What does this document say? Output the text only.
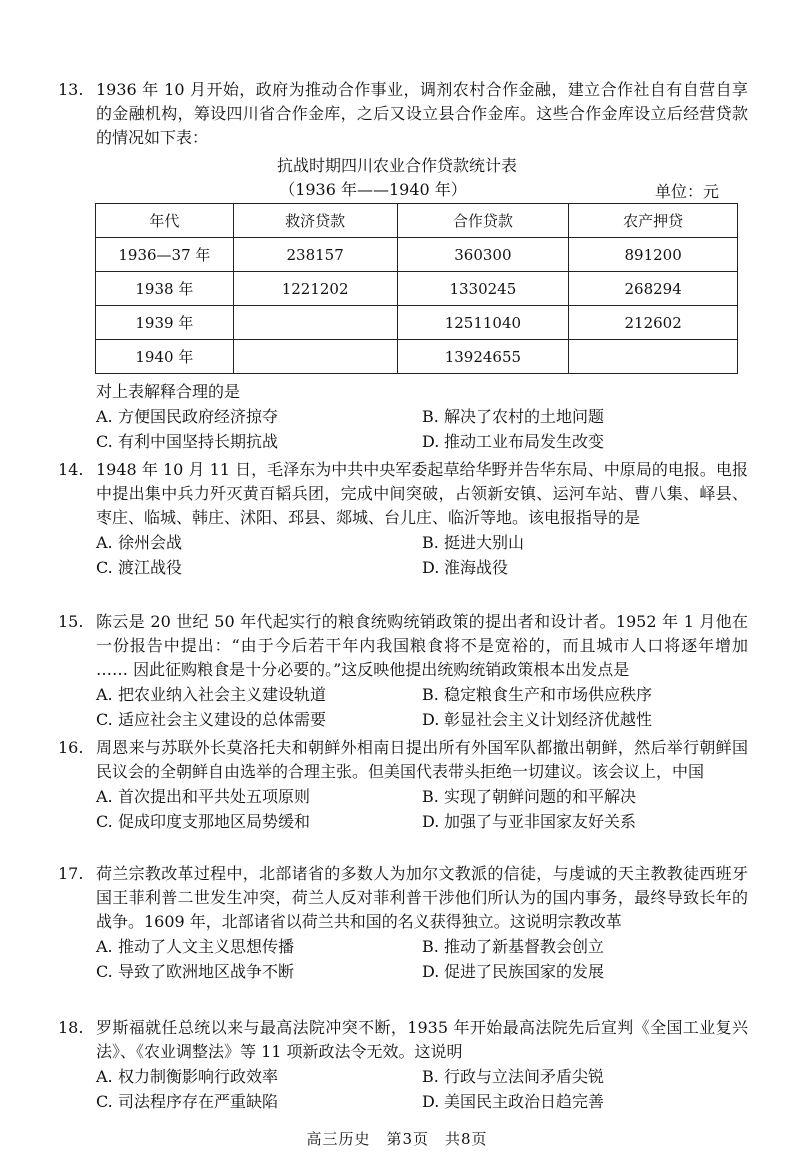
13. 1936 年 10 月开始，政府为推动合作事业，调剂农村合作金融，建立合作社自有自营自享的金融机构，筹设四川省合作金库，之后又设立县合作金库。这些合作金库设立后经营贷款的情况如下表：
抗战时期四川农业合作贷款统计表
（1936 年——1940 年）	单位：元
年代	救济贷款	合作贷款	农产押贷
1936—37 年	238157	360300	891200
1938 年	1221202	1330245	268294
1939 年		12511040	212602
1940 年		13924655	
对上表解释合理的是
A. 方便国民政府经济掠夺	B. 解决了农村的土地问题
C. 有利中国坚持长期抗战	D. 推动工业布局发生改变
14. 1948 年 10 月 11 日，毛泽东为中共中央军委起草给华野并告华东局、中原局的电报。电报中提出集中兵力歼灭黄百韬兵团，完成中间突破，占领新安镇、运河车站、曹八集、峄县、枣庄、临城、韩庄、沭阳、邳县、郯城、台儿庄、临沂等地。该电报指导的是
A. 徐州会战	B. 挺进大别山
C. 渡江战役	D. 淮海战役
15. 陈云是 20 世纪 50 年代起实行的粮食统购统销政策的提出者和设计者。1952 年 1 月他在一份报告中提出：“由于今后若干年内我国粮食将不是宽裕的，而且城市人口将逐年增加 …… 因此征购粮食是十分必要的。”这反映他提出统购统销政策根本出发点是
A. 把农业纳入社会主义建设轨道	B. 稳定粮食生产和市场供应秩序
C. 适应社会主义建设的总体需要	D. 彰显社会主义计划经济优越性
16. 周恩来与苏联外长莫洛托夫和朝鲜外相南日提出所有外国军队都撤出朝鲜，然后举行朝鲜国民议会的全朝鲜自由选举的合理主张。但美国代表带头拒绝一切建议。该会议上，中国
A. 首次提出和平共处五项原则	B. 实现了朝鲜问题的和平解决
C. 促成印度支那地区局势缓和	D. 加强了与亚非国家友好关系
17. 荷兰宗教改革过程中，北部诸省的多数人为加尔文教派的信徒，与虔诚的天主教教徒西班牙国王菲利普二世发生冲突，荷兰人反对菲利普干涉他们所认为的国内事务，最终导致长年的战争。1609 年，北部诸省以荷兰共和国的名义获得独立。这说明宗教改革
A. 推动了人文主义思想传播	B. 推动了新基督教会创立
C. 导致了欧洲地区战争不断	D. 促进了民族国家的发展
18. 罗斯福就任总统以来与最高法院冲突不断，1935 年开始最高法院先后宣判《全国工业复兴法》、《农业调整法》等 11 项新政法令无效。这说明
A. 权力制衡影响行政效率	B. 行政与立法间矛盾尖锐
C. 司法程序存在严重缺陷	D. 美国民主政治日趋完善
高三历史　第3页　共8页
